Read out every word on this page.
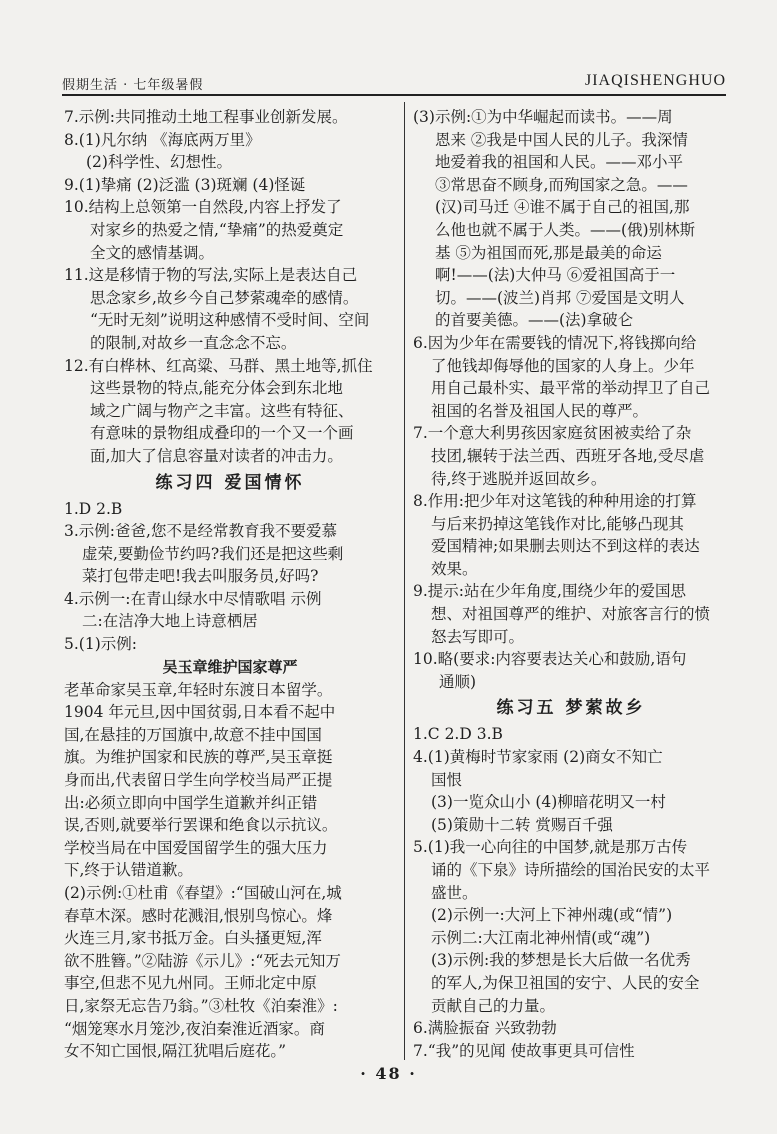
假期生活 · 七年级暑假	JIAQISHENGHUO
7.示例:共同推动土地工程事业创新发展。
8.(1)凡尔纳 《海底两万里》
(2)科学性、幻想性。
9.(1)挚痛 (2)泛滥 (3)斑斓 (4)怪诞
10.结构上总领第一自然段,内容上抒发了
对家乡的热爱之情,“挚痛”的热爱奠定
全文的感情基调。
11.这是移情于物的写法,实际上是表达自己
思念家乡,故乡今自己梦萦魂牵的感情。
“无时无刻”说明这种感情不受时间、空间
的限制,对故乡一直念念不忘。
12.有白桦林、红高粱、马群、黑土地等,抓住
这些景物的特点,能充分体会到东北地
域之广阔与物产之丰富。这些有特征、
有意味的景物组成叠印的一个又一个画
面,加大了信息容量对读者的冲击力。
练习四 爱国情怀
1.D 2.B
3.示例:爸爸,您不是经常教育我不要爱慕
虚荣,要勤俭节约吗?我们还是把这些剩
菜打包带走吧!我去叫服务员,好吗?
4.示例一:在青山绿水中尽情歌唱 示例
二:在洁净大地上诗意栖居
5.(1)示例:
吴玉章维护国家尊严
老革命家吴玉章,年轻时东渡日本留学。
1904 年元旦,因中国贫弱,日本看不起中
国,在悬挂的万国旗中,故意不挂中国国
旗。为维护国家和民族的尊严,吴玉章挺
身而出,代表留日学生向学校当局严正提
出:必须立即向中国学生道歉并纠正错
误,否则,就要举行罢课和绝食以示抗议。
学校当局在中国爱国留学生的强大压力
下,终于认错道歉。
(2)示例:①杜甫《春望》:“国破山河在,城
春草木深。感时花溅泪,恨别鸟惊心。烽
火连三月,家书抵万金。白头搔更短,浑
欲不胜簪。”②陆游《示儿》:“死去元知万
事空,但悲不见九州同。王师北定中原
日,家祭无忘告乃翁。”③杜牧《泊秦淮》:
“烟笼寒水月笼沙,夜泊秦淮近酒家。商
女不知亡国恨,隔江犹唱后庭花。”
(3)示例:①为中华崛起而读书。——周
恩来 ②我是中国人民的儿子。我深情
地爱着我的祖国和人民。——邓小平
③常思奋不顾身,而殉国家之急。——
(汉)司马迁 ④谁不属于自己的祖国,那
么他也就不属于人类。——(俄)别林斯
基 ⑤为祖国而死,那是最美的命运
啊!——(法)大仲马 ⑥爱祖国高于一
切。——(波兰)肖邦 ⑦爱国是文明人
的首要美德。——(法)拿破仑
6.因为少年在需要钱的情况下,将钱掷向给
了他钱却侮辱他的国家的人身上。少年
用自己最朴实、最平常的举动捍卫了自己
祖国的名誉及祖国人民的尊严。
7.一个意大利男孩因家庭贫困被卖给了杂
技团,辗转于法兰西、西班牙各地,受尽虐
待,终于逃脱并返回故乡。
8.作用:把少年对这笔钱的种种用途的打算
与后来扔掉这笔钱作对比,能够凸现其
爱国精神;如果删去则达不到这样的表达
效果。
9.提示:站在少年角度,围绕少年的爱国思
想、对祖国尊严的维护、对旅客言行的愤
怒去写即可。
10.略(要求:内容要表达关心和鼓励,语句
通顺)
练习五 梦萦故乡
1.C 2.D 3.B
4.(1)黄梅时节家家雨 (2)商女不知亡
国恨
(3)一览众山小 (4)柳暗花明又一村
(5)策勋十二转 赏赐百千强
5.(1)我一心向往的中国梦,就是那万古传
诵的《下泉》诗所描绘的国治民安的太平
盛世。
(2)示例一:大河上下神州魂(或“情”)
示例二:大江南北神州情(或“魂”)
(3)示例:我的梦想是长大后做一名优秀
的军人,为保卫祖国的安宁、人民的安全
贡献自己的力量。
6.满脸振奋 兴致勃勃
7.“我”的见闻 使故事更具可信性
· 48 ·
